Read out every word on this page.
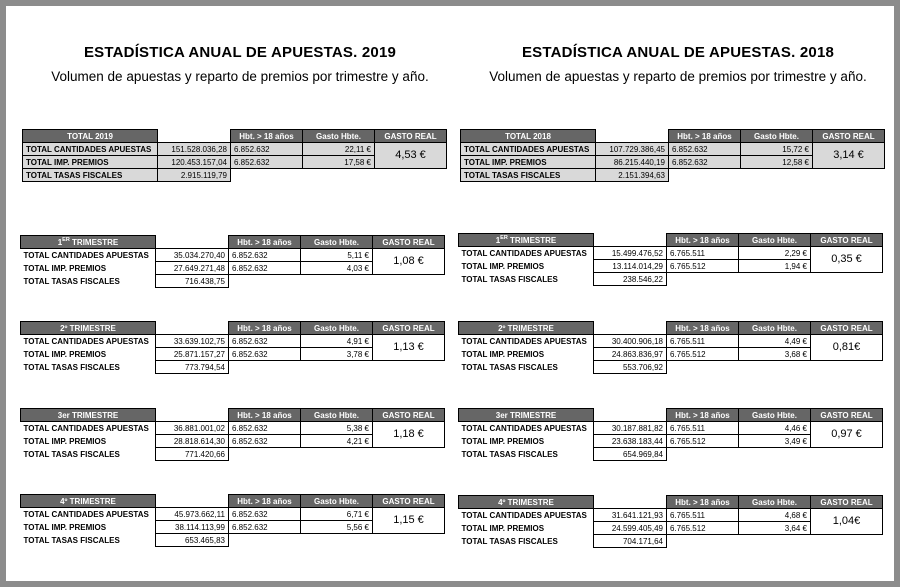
ESTADÍSTICA ANUAL DE APUESTAS. 2019
Volumen de apuestas y reparto de premios por trimestre y año.
TOTAL 2019		Hbt. > 18 años	Gasto Hbte.	GASTO REAL
TOTAL CANTIDADES APUESTAS	151.528.036,28	6.852.632	22,11 €	4,53 €
TOTAL IMP. PREMIOS	120.453.157,04	6.852.632	17,58 €	
TOTAL TASAS FISCALES	2.915.119,79			
1ER TRIMESTRE		Hbt. > 18 años	Gasto Hbte.	GASTO REAL
TOTAL CANTIDADES APUESTAS	35.034.270,40	6.852.632	5,11 €	1,08 €
TOTAL IMP. PREMIOS	27.649.271,48	6.852.632	4,03 €	
TOTAL TASAS FISCALES	716.438,75			
2º TRIMESTRE		Hbt. > 18 años	Gasto Hbte.	GASTO REAL
TOTAL CANTIDADES APUESTAS	33.639.102,75	6.852.632	4,91 €	1,13 €
TOTAL IMP. PREMIOS	25.871.157,27	6.852.632	3,78 €	
TOTAL TASAS FISCALES	773.794,54			
3er TRIMESTRE		Hbt. > 18 años	Gasto Hbte.	GASTO REAL
TOTAL CANTIDADES APUESTAS	36.881.001,02	6.852.632	5,38 €	1,18 €
TOTAL IMP. PREMIOS	28.818.614,30	6.852.632	4,21 €	
TOTAL TASAS FISCALES	771.420,66			
4º TRIMESTRE		Hbt. > 18 años	Gasto Hbte.	GASTO REAL
TOTAL CANTIDADES APUESTAS	45.973.662,11	6.852.632	6,71 €	1,15 €
TOTAL IMP. PREMIOS	38.114.113,99	6.852.632	5,56 €	
TOTAL TASAS FISCALES	653.465,83			
ESTADÍSTICA ANUAL DE APUESTAS. 2018
Volumen de apuestas y reparto de premios por trimestre y año.
TOTAL 2018		Hbt. > 18 años	Gasto Hbte.	GASTO REAL
TOTAL CANTIDADES APUESTAS	107.729.386,45	6.852.632	15,72 €	3,14 €
TOTAL IMP. PREMIOS	86.215.440,19	6.852.632	12,58 €	
TOTAL TASAS FISCALES	2.151.394,63			
1ER TRIMESTRE		Hbt. > 18 años	Gasto Hbte.	GASTO REAL
TOTAL CANTIDADES APUESTAS	15.499.476,52	6.765.511	2,29 €	0,35 €
TOTAL IMP. PREMIOS	13.114.014,29	6.765.512	1,94 €	
TOTAL TASAS FISCALES	238.546,22			
2º TRIMESTRE		Hbt. > 18 años	Gasto Hbte.	GASTO REAL
TOTAL CANTIDADES APUESTAS	30.400.906,18	6.765.511	4,49 €	0,81€
TOTAL IMP. PREMIOS	24.863.836,97	6.765.512	3,68 €	
TOTAL TASAS FISCALES	553.706,92			
3er TRIMESTRE		Hbt. > 18 años	Gasto Hbte.	GASTO REAL
TOTAL CANTIDADES APUESTAS	30.187.881,82	6.765.511	4,46 €	0,97 €
TOTAL IMP. PREMIOS	23.638.183,44	6.765.512	3,49 €	
TOTAL TASAS FISCALES	654.969,84			
4º TRIMESTRE		Hbt. > 18 años	Gasto Hbte.	GASTO REAL
TOTAL CANTIDADES APUESTAS	31.641.121,93	6.765.511	4,68 €	1,04€
TOTAL IMP. PREMIOS	24.599.405,49	6.765.512	3,64 €	
TOTAL TASAS FISCALES	704.171,64			
